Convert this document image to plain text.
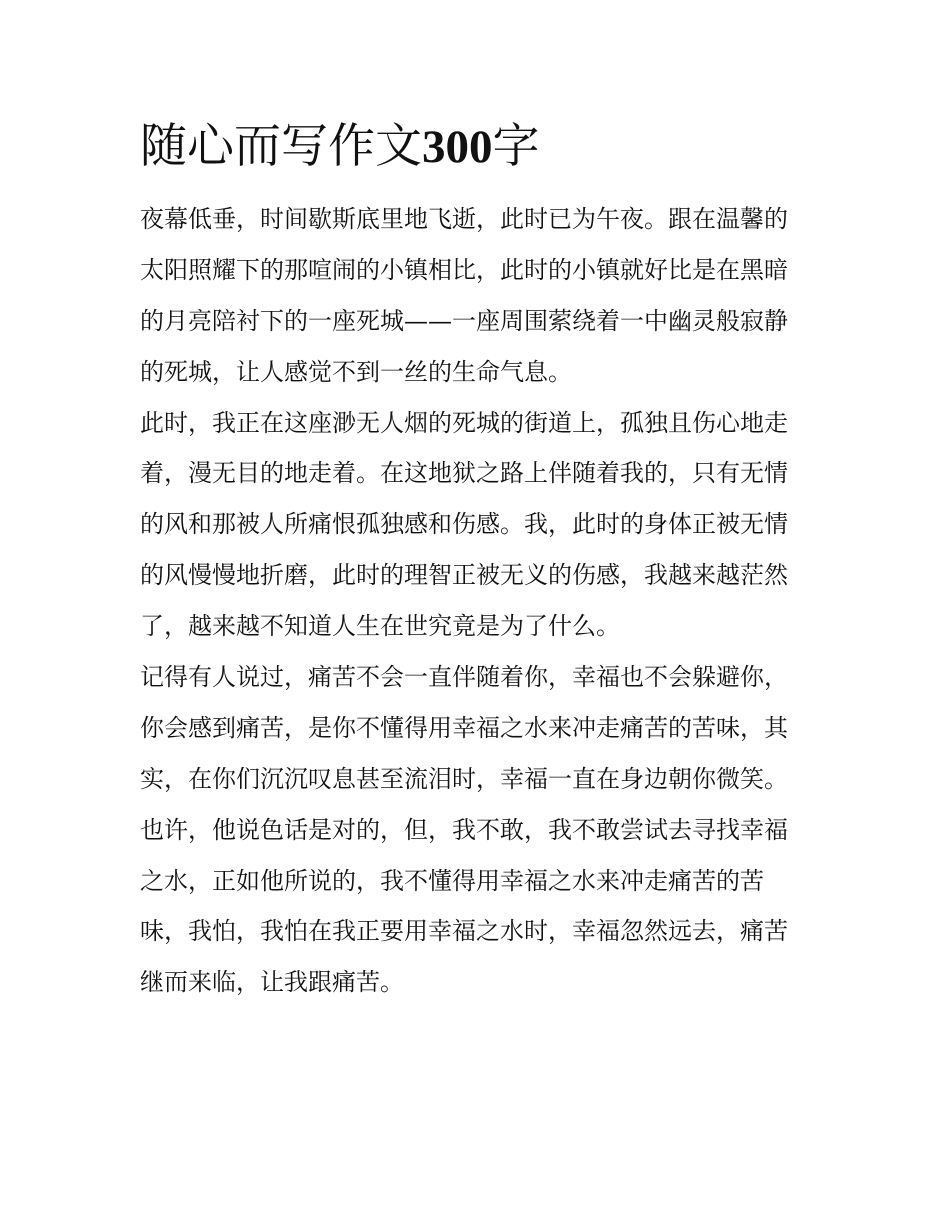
随心而写作文300字
夜幕低垂，时间歇斯底里地飞逝，此时已为午夜。跟在温馨的
太阳照耀下的那喧闹的小镇相比，此时的小镇就好比是在黑暗
的月亮陪衬下的一座死城——一座周围萦绕着一中幽灵般寂静
的死城，让人感觉不到一丝的生命气息。
此时，我正在这座渺无人烟的死城的街道上，孤独且伤心地走
着，漫无目的地走着。在这地狱之路上伴随着我的，只有无情
的风和那被人所痛恨孤独感和伤感。我，此时的身体正被无情
的风慢慢地折磨，此时的理智正被无义的伤感，我越来越茫然
了，越来越不知道人生在世究竟是为了什么。
记得有人说过，痛苦不会一直伴随着你，幸福也不会躲避你，
你会感到痛苦，是你不懂得用幸福之水来冲走痛苦的苦味，其
实，在你们沉沉叹息甚至流泪时，幸福一直在身边朝你微笑。
也许，他说色话是对的，但，我不敢，我不敢尝试去寻找幸福
之水，正如他所说的，我不懂得用幸福之水来冲走痛苦的苦
味，我怕，我怕在我正要用幸福之水时，幸福忽然远去，痛苦
继而来临，让我跟痛苦。
